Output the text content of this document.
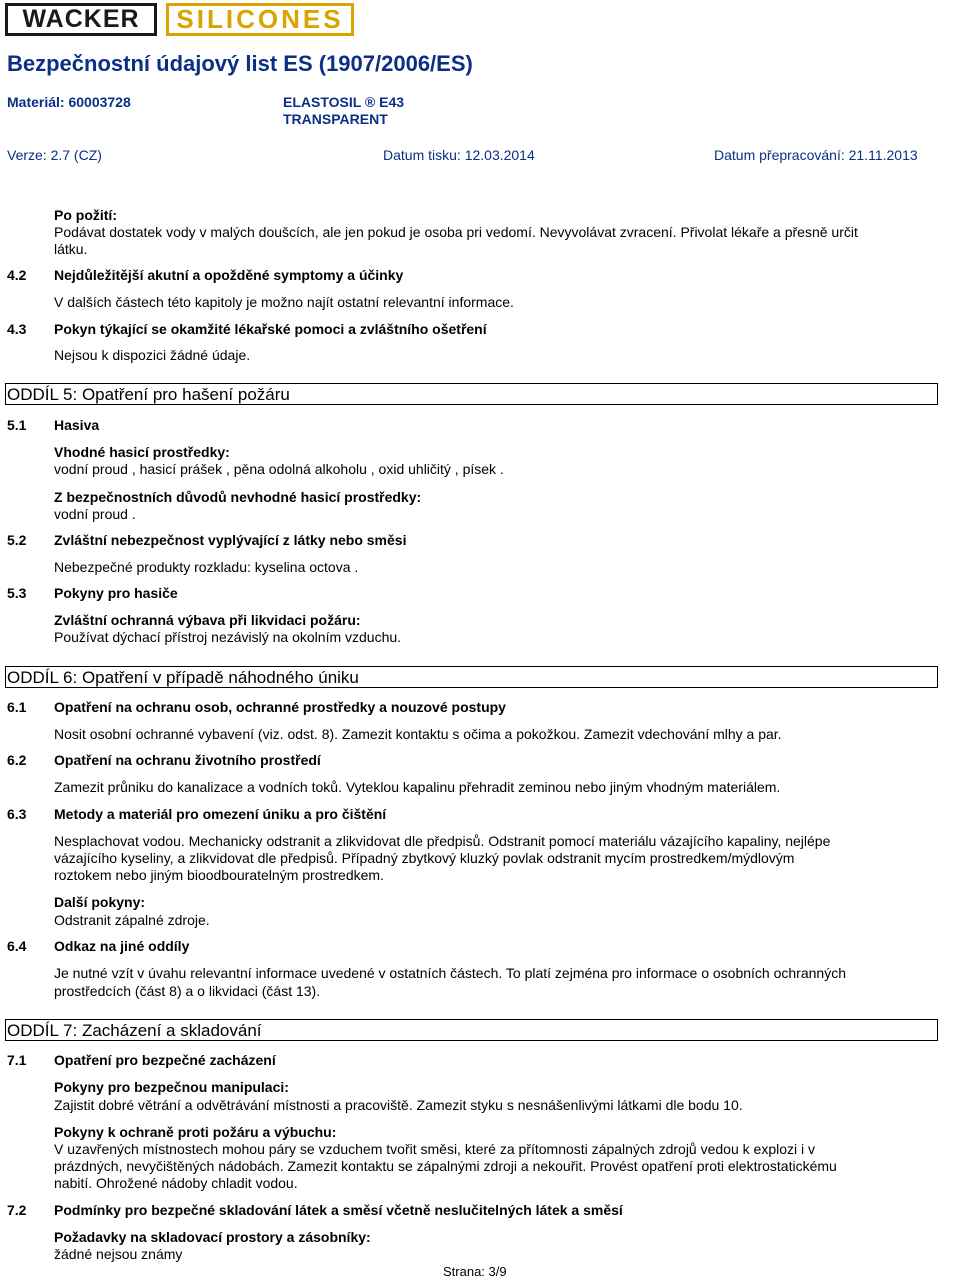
WACKER SILICONES
Bezpečnostní údajový list ES (1907/2006/ES)
Materiál: 60003728	ELASTOSIL ® E43
TRANSPARENT
Verze: 2.7 (CZ)	Datum tisku: 12.03.2014	Datum přepracování: 21.11.2013
Po požití:
Podávat dostatek vody v malých doušcích, ale jen pokud je osoba pri vedomí. Nevyvolávat zvracení. Přivolat lékaře a přesně určit
látku.
4.2 Nejdůležitější akutní a opožděné symptomy a účinky
V dalších částech této kapitoly je možno najít ostatní relevantní informace.
4.3 Pokyn týkající se okamžité lékařské pomoci a zvláštního ošetření
Nejsou k dispozici žádné údaje.
ODDÍL 5: Opatření pro hašení požáru
5.1 Hasiva
Vhodné hasicí prostředky:
vodní proud , hasicí prášek , pěna odolná alkoholu , oxid uhličitý , písek .
Z bezpečnostních důvodů nevhodné hasicí prostředky:
vodní proud .
5.2 Zvláštní nebezpečnost vyplývající z látky nebo směsi
Nebezpečné produkty rozkladu: kyselina octova .
5.3 Pokyny pro hasiče
Zvláštní ochranná výbava při likvidaci požáru:
Používat dýchací přístroj nezávislý na okolním vzduchu.
ODDÍL 6: Opatření v případě náhodného úniku
6.1 Opatření na ochranu osob, ochranné prostředky a nouzové postupy
Nosit osobní ochranné vybavení (viz. odst. 8). Zamezit kontaktu s očima a pokožkou. Zamezit vdechování mlhy a par.
6.2 Opatření na ochranu životního prostředí
Zamezit průniku do kanalizace a vodních toků. Vyteklou kapalinu přehradit zeminou nebo jiným vhodným materiálem.
6.3 Metody a materiál pro omezení úniku a pro čištění
Nesplachovat vodou. Mechanicky odstranit a zlikvidovat dle předpisů. Odstranit pomocí materiálu vázajícího kapaliny, nejlépe
vázajícího kyseliny, a zlikvidovat dle předpisů. Případný zbytkový kluzký povlak odstranit mycím prostredkem/mýdlovým
roztokem nebo jiným bioodbouratelným prostredkem.
Další pokyny:
Odstranit zápalné zdroje.
6.4 Odkaz na jiné oddíly
Je nutné vzít v úvahu relevantní informace uvedené v ostatních částech. To platí zejména pro informace o osobních ochranných
prostředcích (část 8) a o likvidaci (část 13).
ODDÍL 7: Zacházení a skladování
7.1 Opatření pro bezpečné zacházení
Pokyny pro bezpečnou manipulaci:
Zajistit dobré větrání a odvětrávání místnosti a pracoviště. Zamezit styku s nesnášenlivými látkami dle bodu 10.
Pokyny k ochraně proti požáru a výbuchu:
V uzavřených místnostech mohou páry se vzduchem tvořit směsi, které za přítomnosti zápalných zdrojů vedou k explozi i v
prázdných, nevyčištěných nádobách. Zamezit kontaktu se zápalnými zdroji a nekouřit. Provést opatření proti elektrostatickému
nabití. Ohrožené nádoby chladit vodou.
7.2 Podmínky pro bezpečné skladování látek a směsí včetně neslučitelných látek a směsí
Požadavky na skladovací prostory a zásobníky:
žádné nejsou známy
Strana: 3/9
